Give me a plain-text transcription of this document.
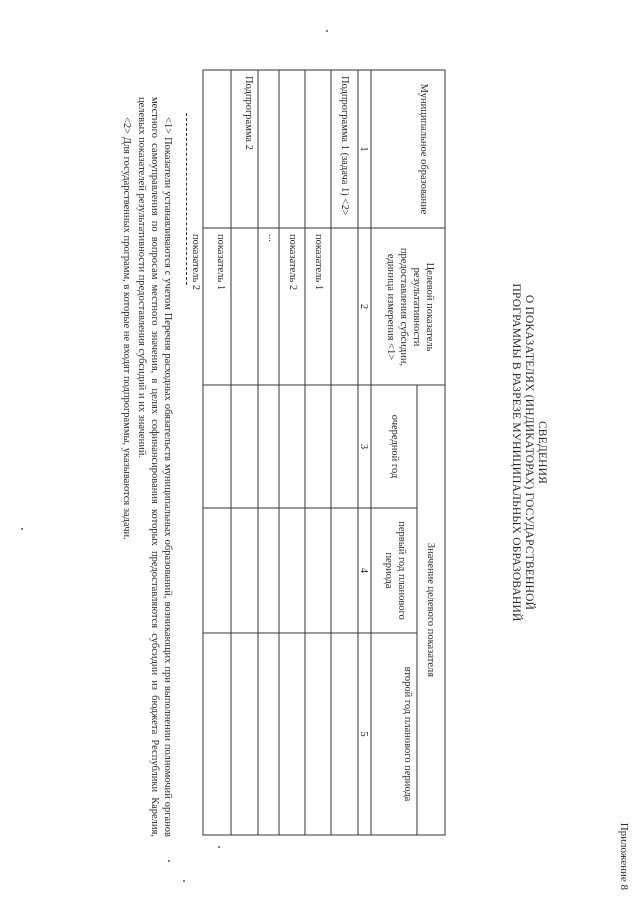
Приложение 8
СВЕДЕНИЯ
О ПОКАЗАТЕЛЯХ (ИНДИКАТОРАХ) ГОСУДАРСТВЕННОЙ
ПРОГРАММЫ В РАЗРЕЗЕ МУНИЦИПАЛЬНЫХ ОБРАЗОВАНИЙ
Муниципальное образование
Целевой показатель результативности предоставления субсидии, единица измерения <1>
Значение целевого показателя
очередной год
первый год планового периода
второй год планового периода
1
2
3
4
5
Подпрограмма 1 (задача 1) <2>
показатель 1
показатель 2
...
Подпрограмма 2
показатель 1
показатель 2
<1> Показатели устанавливаются с учетом Перечня расходных обязательств муниципальных образований, возникающих при выполнении полномочий органов местного самоуправления по вопросам местного значения, в целях софинансирования которых предоставляются субсидии из бюджета Республики Карелия, целевых показателей результативности предоставления субсидий и их значений.
<2> Для государственных программ, в которые не входят подпрограммы, указываются задачи.
